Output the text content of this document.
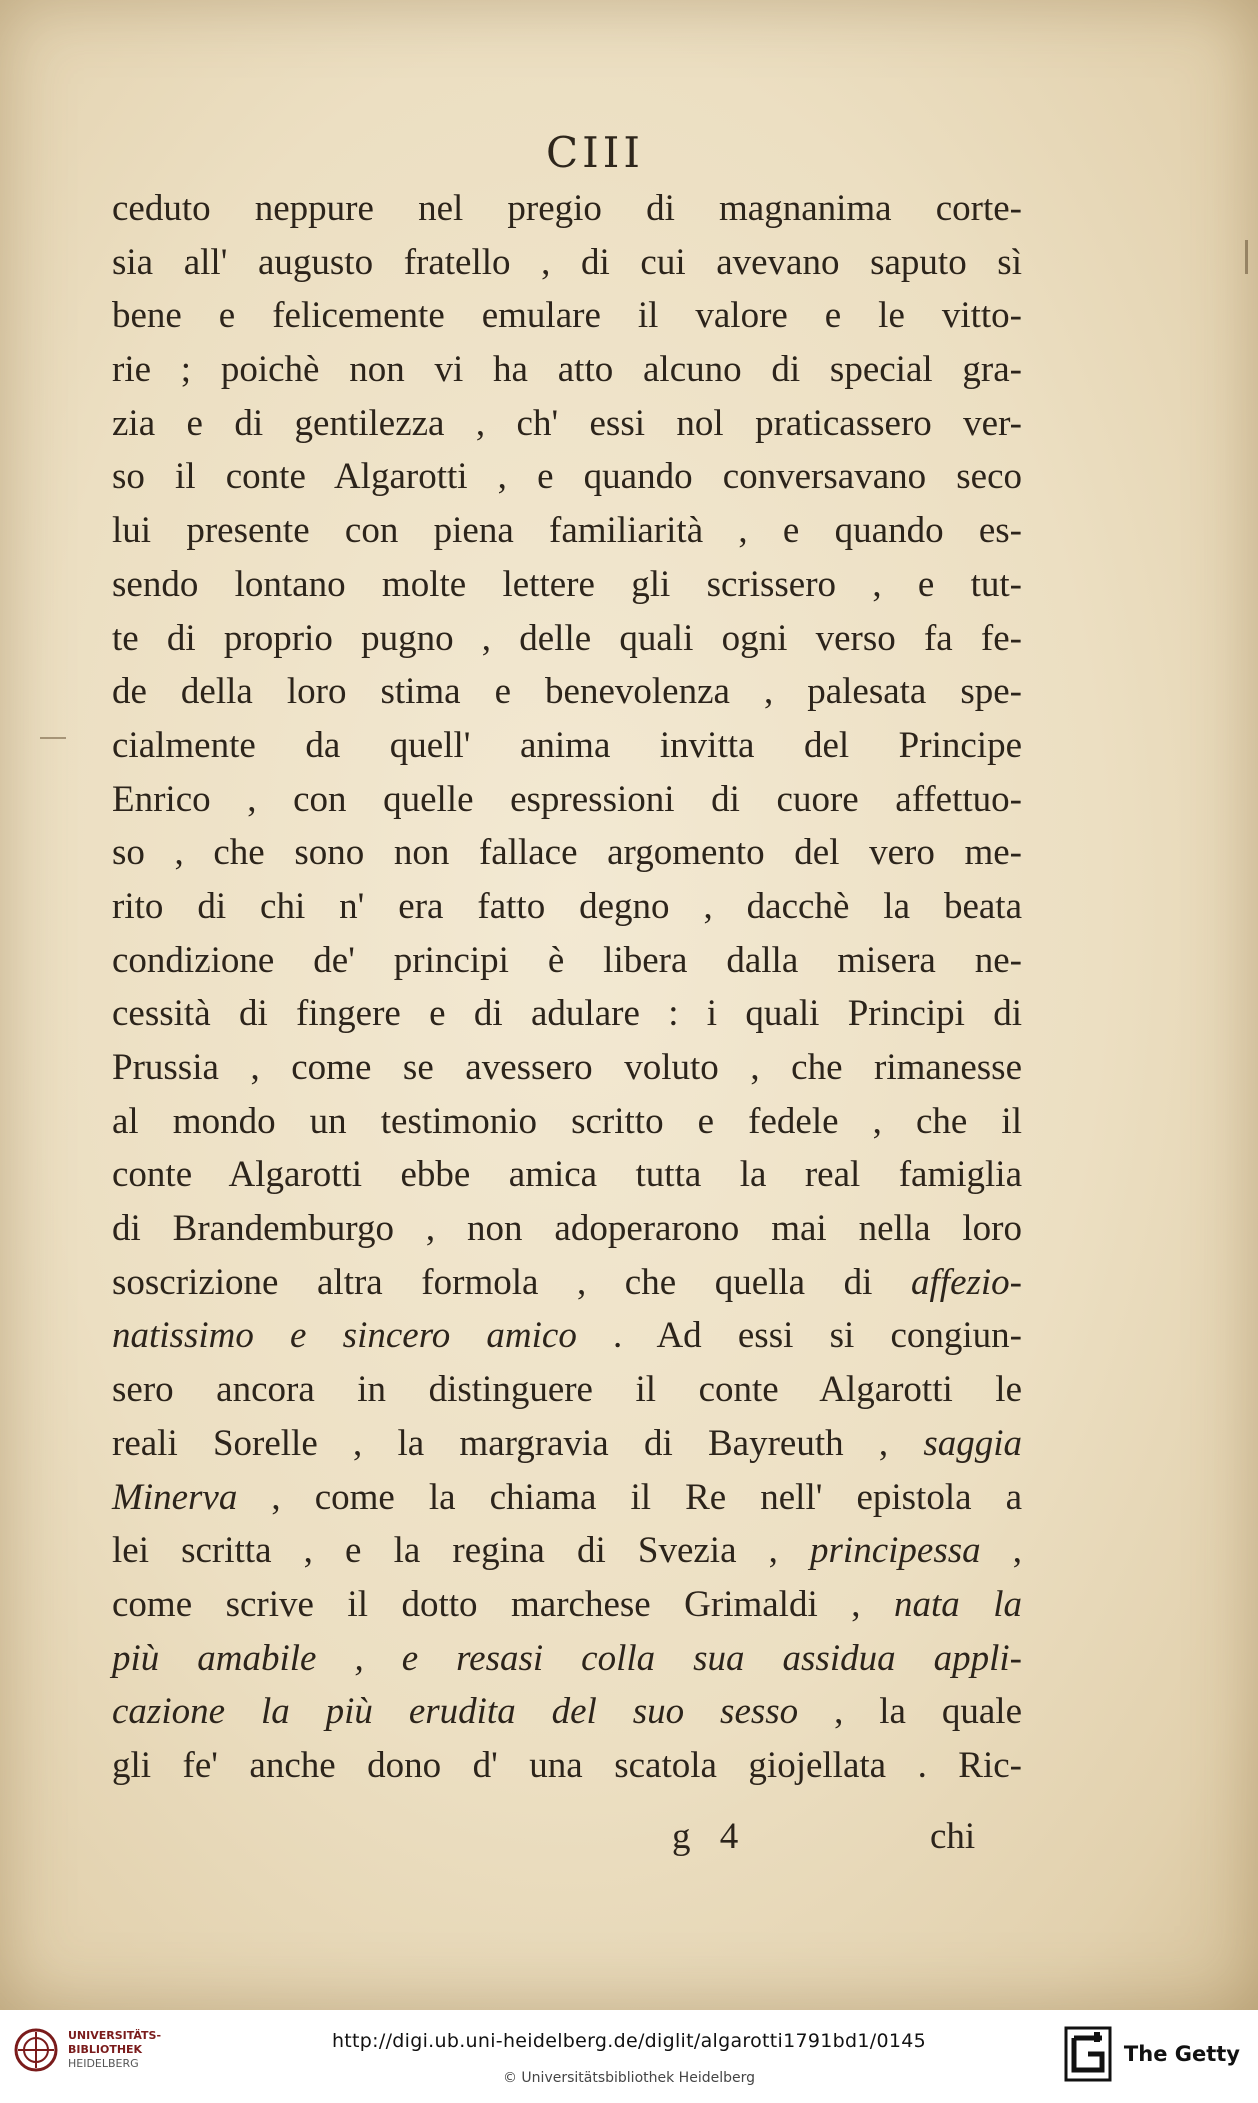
CIII
ceduto neppure nel pregio di magnanima corte-
sia all' augusto fratello , di cui avevano saputo sì
bene e felicemente emulare il valore e le vitto-
rie ; poichè non vi ha atto alcuno di special gra-
zia e di gentilezza , ch' essi nol praticassero ver-
so il conte Algarotti , e quando conversavano seco
lui presente con piena familiarità , e quando es-
sendo lontano molte lettere gli scrissero , e tut-
te di proprio pugno , delle quali ogni verso fa fe-
de della loro stima e benevolenza , palesata spe-
cialmente da quell' anima invitta del Principe
Enrico , con quelle espressioni di cuore affettuo-
so , che sono non fallace argomento del vero me-
rito di chi n' era fatto degno , dacchè la beata
condizione de' principi è libera dalla misera ne-
cessità di fingere e di adulare : i quali Principi di
Prussia , come se avessero voluto , che rimanesse
al mondo un testimonio scritto e fedele , che il
conte Algarotti ebbe amica tutta la real famiglia
di Brandemburgo , non adoperarono mai nella loro
soscrizione altra formola , che quella di affezio-
natissimo e sincero amico . Ad essi si congiun-
sero ancora in distinguere il conte Algarotti le
reali Sorelle , la margravia di Bayreuth , saggia
Minerva , come la chiama il Re nell' epistola a
lei scritta , e la regina di Svezia , principessa ,
come scrive il dotto marchese Grimaldi , nata la
più amabile , e resasi colla sua assidua appli-
cazione la più erudita del suo sesso , la quale
gli fe' anche dono d' una scatola giojellata . Ric-
g 4	chi
UNIVERSITÄTS-
BIBLIOTHEK
HEIDELBERG
http://digi.ub.uni-heidelberg.de/diglit/algarotti1791bd1/0145
© Universitätsbibliothek Heidelberg
The Getty
